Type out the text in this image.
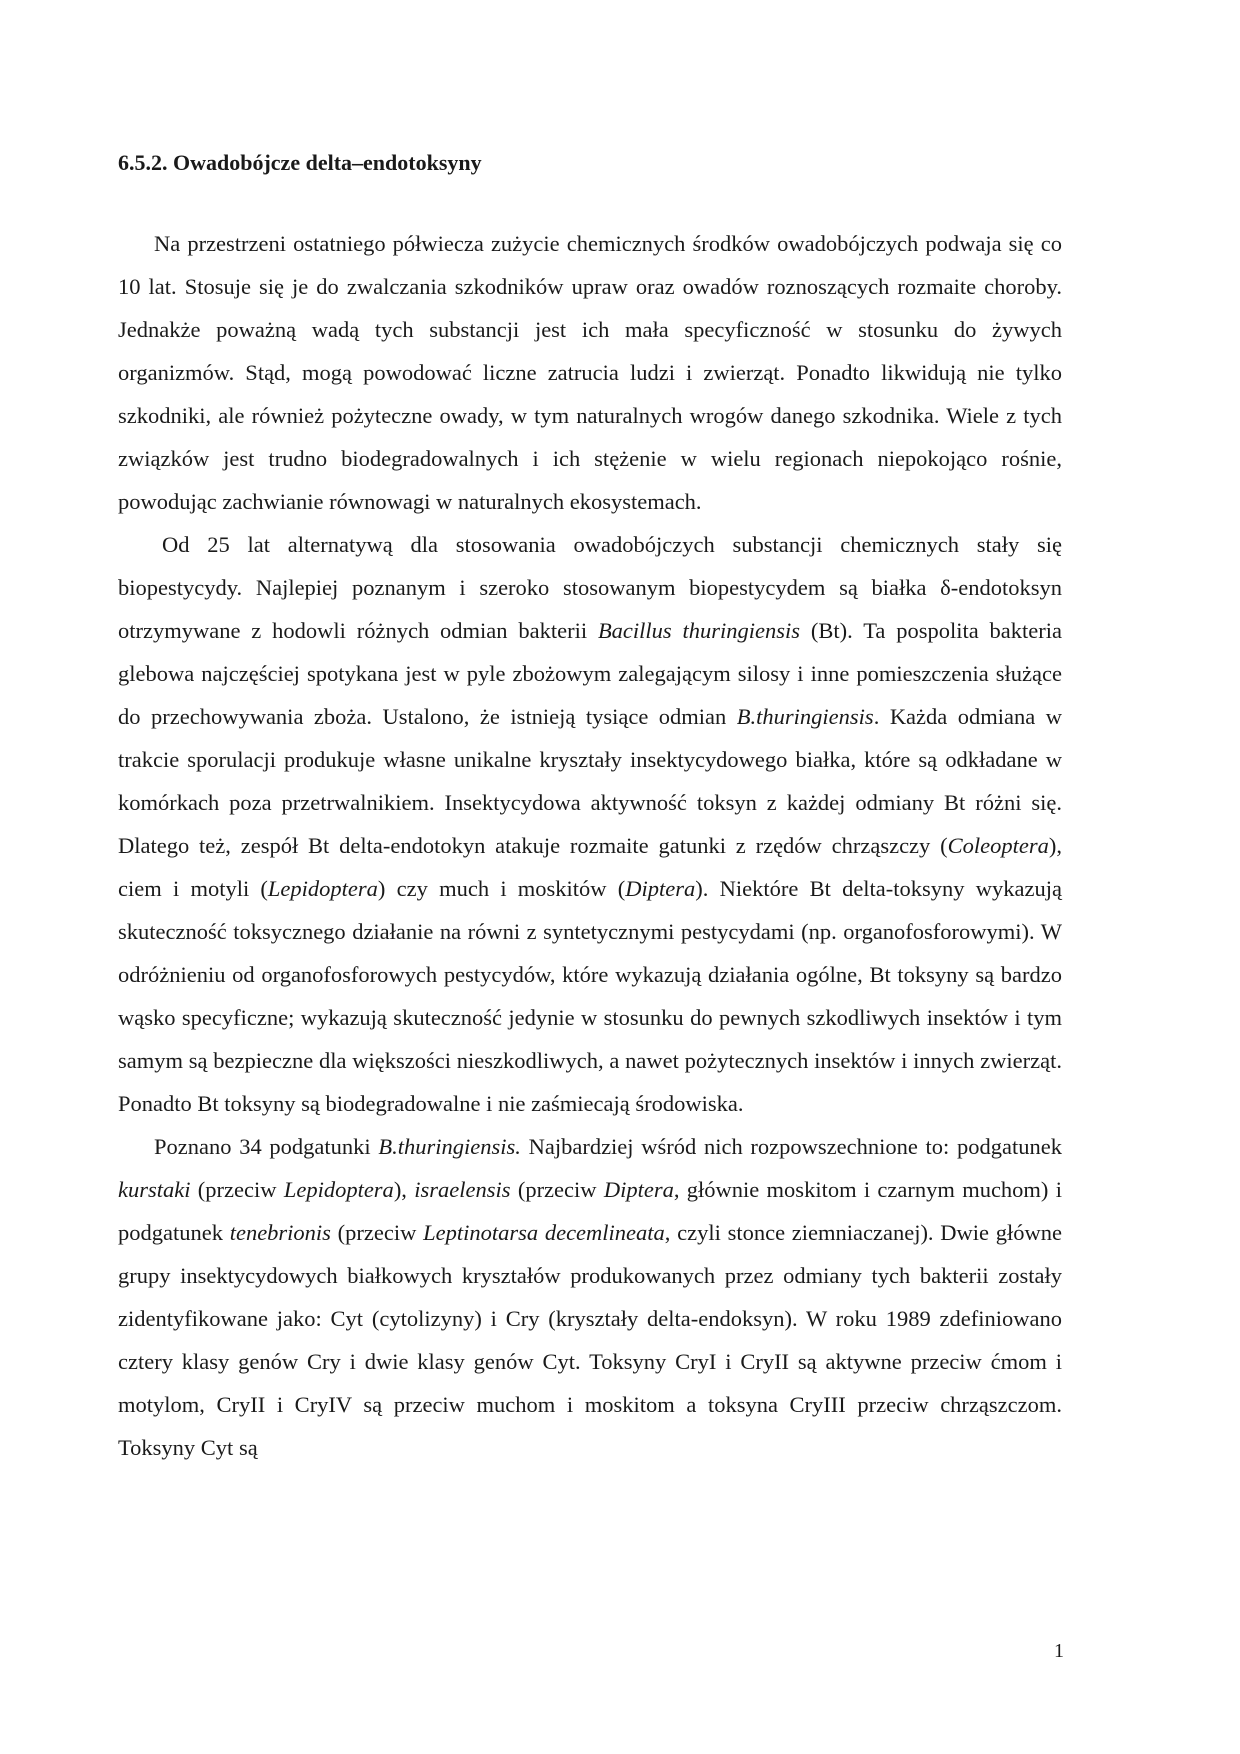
6.5.2. Owadobójcze delta–endotoksyny

Na przestrzeni ostatniego półwiecza zużycie chemicznych środków owadobójczych podwaja się co 10 lat. Stosuje się je do zwalczania szkodników upraw oraz owadów roznoszących rozmaite choroby. Jednakże poważną wadą tych substancji jest ich mała specyficzność w stosunku do żywych organizmów. Stąd, mogą powodować liczne zatrucia ludzi i zwierząt. Ponadto likwidują nie tylko szkodniki, ale również pożyteczne owady, w tym naturalnych wrogów danego szkodnika. Wiele z tych związków jest trudno biodegradowalnych i ich stężenie w wielu regionach niepokojąco rośnie, powodując zachwianie równowagi w naturalnych ekosystemach.

Od 25 lat alternatywą dla stosowania owadobójczych substancji chemicznych stały się biopestycydy. Najlepiej poznanym i szeroko stosowanym biopestycydem są białka δ-endotoksyn otrzymywane z hodowli różnych odmian bakterii Bacillus thuringiensis (Bt). Ta pospolita bakteria glebowa najczęściej spotykana jest w pyle zbożowym zalegającym silosy i inne pomieszczenia służące do przechowywania zboża. Ustalono, że istnieją tysiące odmian B.thuringiensis. Każda odmiana w trakcie sporulacji produkuje własne unikalne kryształy insektycydowego białka, które są odkładane w komórkach poza przetrwalnikiem. Insektycydowa aktywność toksyn z każdej odmiany Bt różni się. Dlatego też, zespół Bt delta-endotokyn atakuje rozmaite gatunki z rzędów chrząszczy (Coleoptera), ciem i motyli (Lepidoptera) czy much i moskitów (Diptera). Niektóre Bt delta-toksyny wykazują skuteczność toksycznego działanie na równi z syntetycznymi pestycydami (np. organofosforowymi). W odróżnieniu od organofosforowych pestycydów, które wykazują działania ogólne, Bt toksyny są bardzo wąsko specyficzne; wykazują skuteczność jedynie w stosunku do pewnych szkodliwych insektów i tym samym są bezpieczne dla większości nieszkodliwych, a nawet pożytecznych insektów i innych zwierząt. Ponadto Bt toksyny są biodegradowalne i nie zaśmiecają środowiska.

Poznano 34 podgatunki B.thuringiensis. Najbardziej wśród nich rozpowszechnione to: podgatunek kurstaki (przeciw Lepidoptera), israelensis (przeciw Diptera, głównie moskitom i czarnym muchom) i podgatunek tenebrionis (przeciw Leptinotarsa decemlineata, czyli stonce ziemniaczanej). Dwie główne grupy insektycydowych białkowych kryształów produkowanych przez odmiany tych bakterii zostały zidentyfikowane jako: Cyt (cytolizyny) i Cry (kryształy delta-endoksyn). W roku 1989 zdefiniowano cztery klasy genów Cry i dwie klasy genów Cyt. Toksyny CryI i CryII są aktywne przeciw ćmom i motylom, CryII i CryIV są przeciw muchom i moskitom a toksyna CryIII przeciw chrząszczom. Toksyny Cyt są

1
